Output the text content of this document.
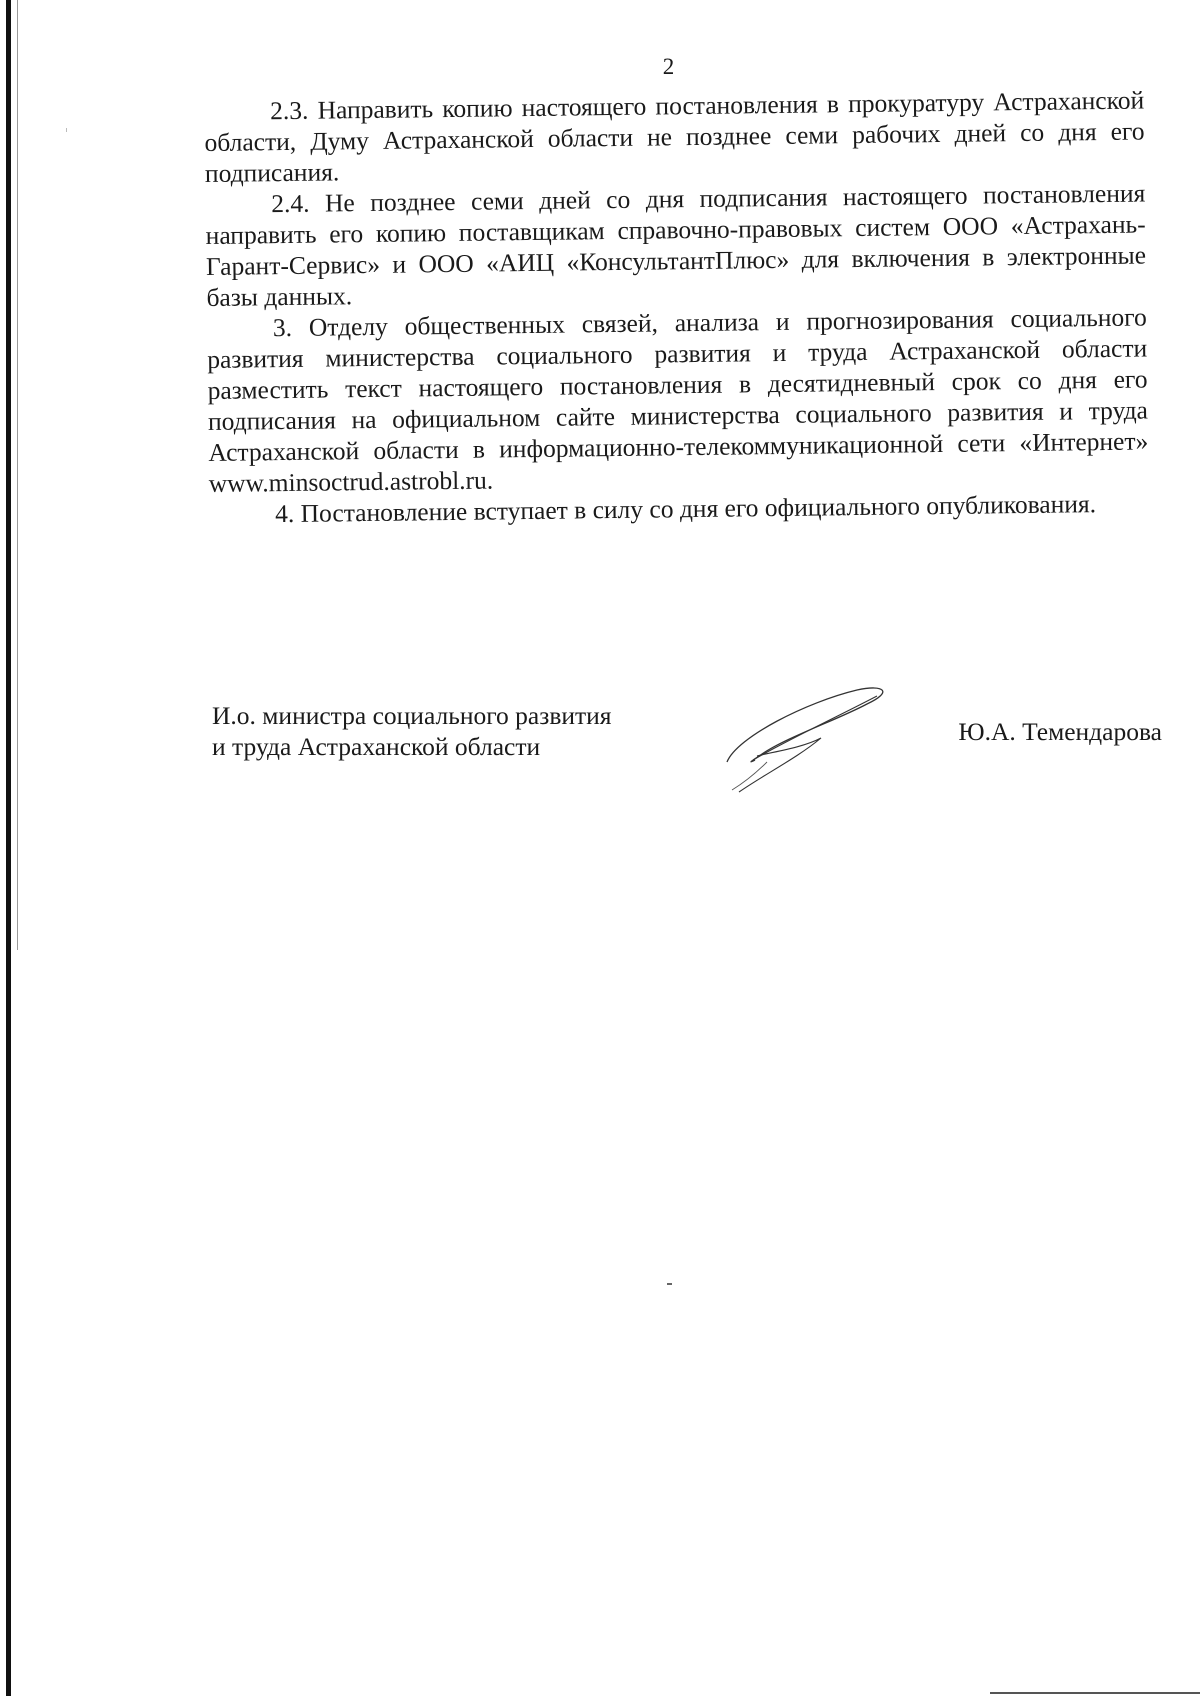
2

2.3. Направить копию настоящего постановления в прокуратуру Астраханской области, Думу Астраханской области не позднее семи рабочих дней со дня его подписания.

2.4. Не позднее семи дней со дня подписания настоящего постановления направить его копию поставщикам справочно-правовых систем ООО «Астрахань-Гарант-Сервис» и ООО «АИЦ «КонсультантПлюс» для включения в электронные базы данных.

3. Отделу общественных связей, анализа и прогнозирования социального развития министерства социального развития и труда Астраханской области разместить текст настоящего постановления в десятидневный срок со дня его подписания на официальном сайте министерства социального развития и труда Астраханской области в информационно-телекоммуникационной сети «Интернет» www.minsoctrud.astrobl.ru.

4. Постановление вступает в силу со дня его официального опубликования.

И.о. министра социального развития
и труда Астраханской области
Ю.А. Темендарова
